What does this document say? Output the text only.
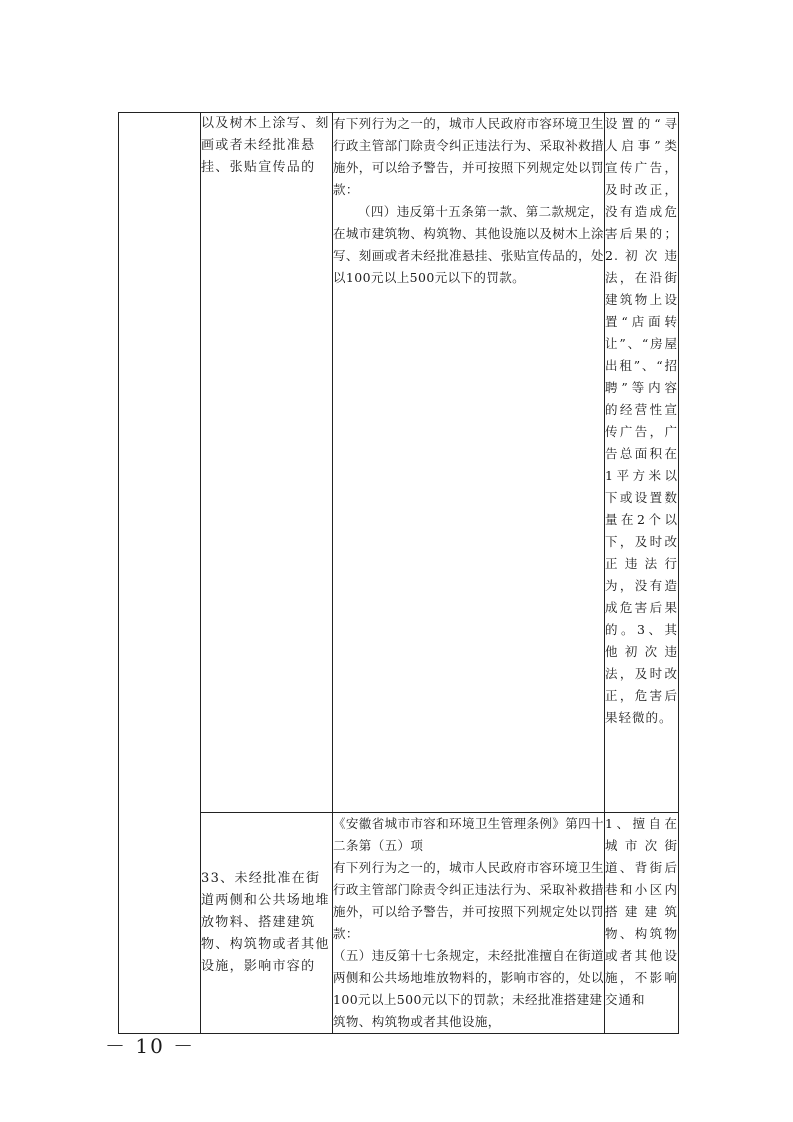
	以及树木上涂写、刻画或者未经批准悬挂、张贴宣传品的	有下列行为之一的，城市人民政府市容环境卫生行政主管部门除责令纠正违法行为、采取补救措施外，可以给予警告，并可按照下列规定处以罚款：

（四）违反第十五条第一款、第二款规定，在城市建筑物、构筑物、其他设施以及树木上涂写、刻画或者未经批准悬挂、张贴宣传品的，处以100元以上500元以下的罚款。	设置的“寻人启事”类宣传广告，及时改正，没有造成危害后果的；2.初次违法，在沿街建筑物上设置“店面转让”、“房屋出租”、“招聘”等内容的经营性宣传广告，广告总面积在1平方米以下或设置数量在2个以下，及时改正违法行为，没有造成危害后果的。3、其他初次违法，及时改正，危害后果轻微的。
	33、未经批准在街道两侧和公共场地堆放物料、搭建建筑物、构筑物或者其他设施，影响市容的	《安徽省城市市容和环境卫生管理条例》第四十二条第（五）项

有下列行为之一的，城市人民政府市容环境卫生行政主管部门除责令纠正违法行为、采取补救措施外，可以给予警告，并可按照下列规定处以罚款：

（五）违反第十七条规定，未经批准擅自在街道两侧和公共场地堆放物料的，影响市容的，处以100元以上500元以下的罚款；未经批准搭建建筑物、构筑物或者其他设施，	1、擅自在城市次街道、背街后巷和小区内搭建建筑物、构筑物或者其他设施，不影响交通和
－ 10 －
